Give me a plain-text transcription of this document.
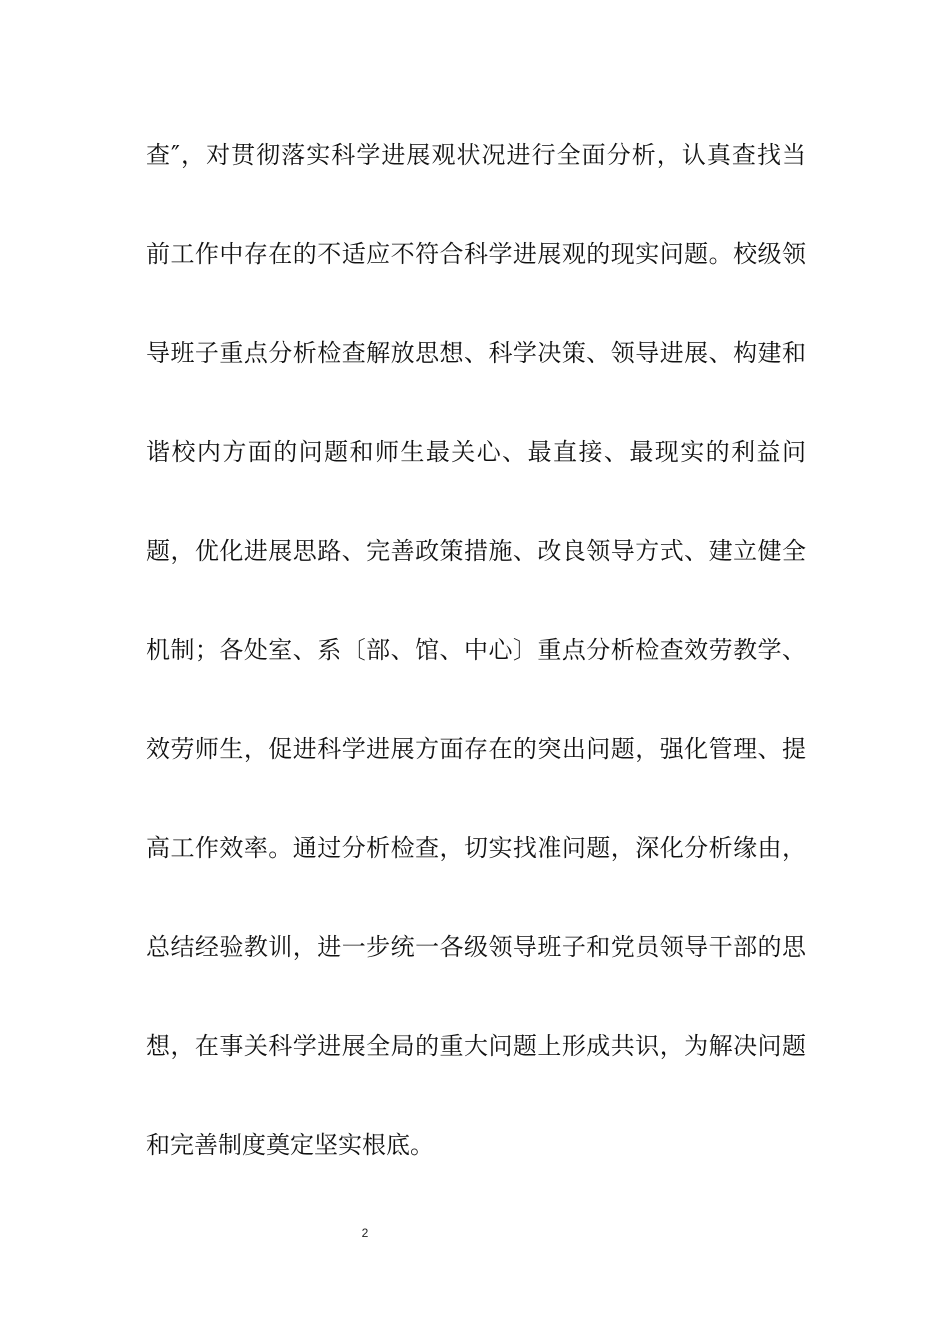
查″，对贯彻落实科学进展观状况进行全面分析，认真查找当
前工作中存在的不适应不符合科学进展观的现实问题。校级领
导班子重点分析检查解放思想、科学决策、领导进展、构建和
谐校内方面的问题和师生最关心、最直接、最现实的利益问
题，优化进展思路、完善政策措施、改良领导方式、建立健全
机制；各处室、系〔部、馆、中心〕重点分析检查效劳教学、
效劳师生，促进科学进展方面存在的突出问题，强化管理、提
高工作效率。通过分析检查，切实找准问题，深化分析缘由，
总结经验教训，进一步统一各级领导班子和党员领导干部的思
想，在事关科学进展全局的重大问题上形成共识，为解决问题
和完善制度奠定坚实根底。
2
